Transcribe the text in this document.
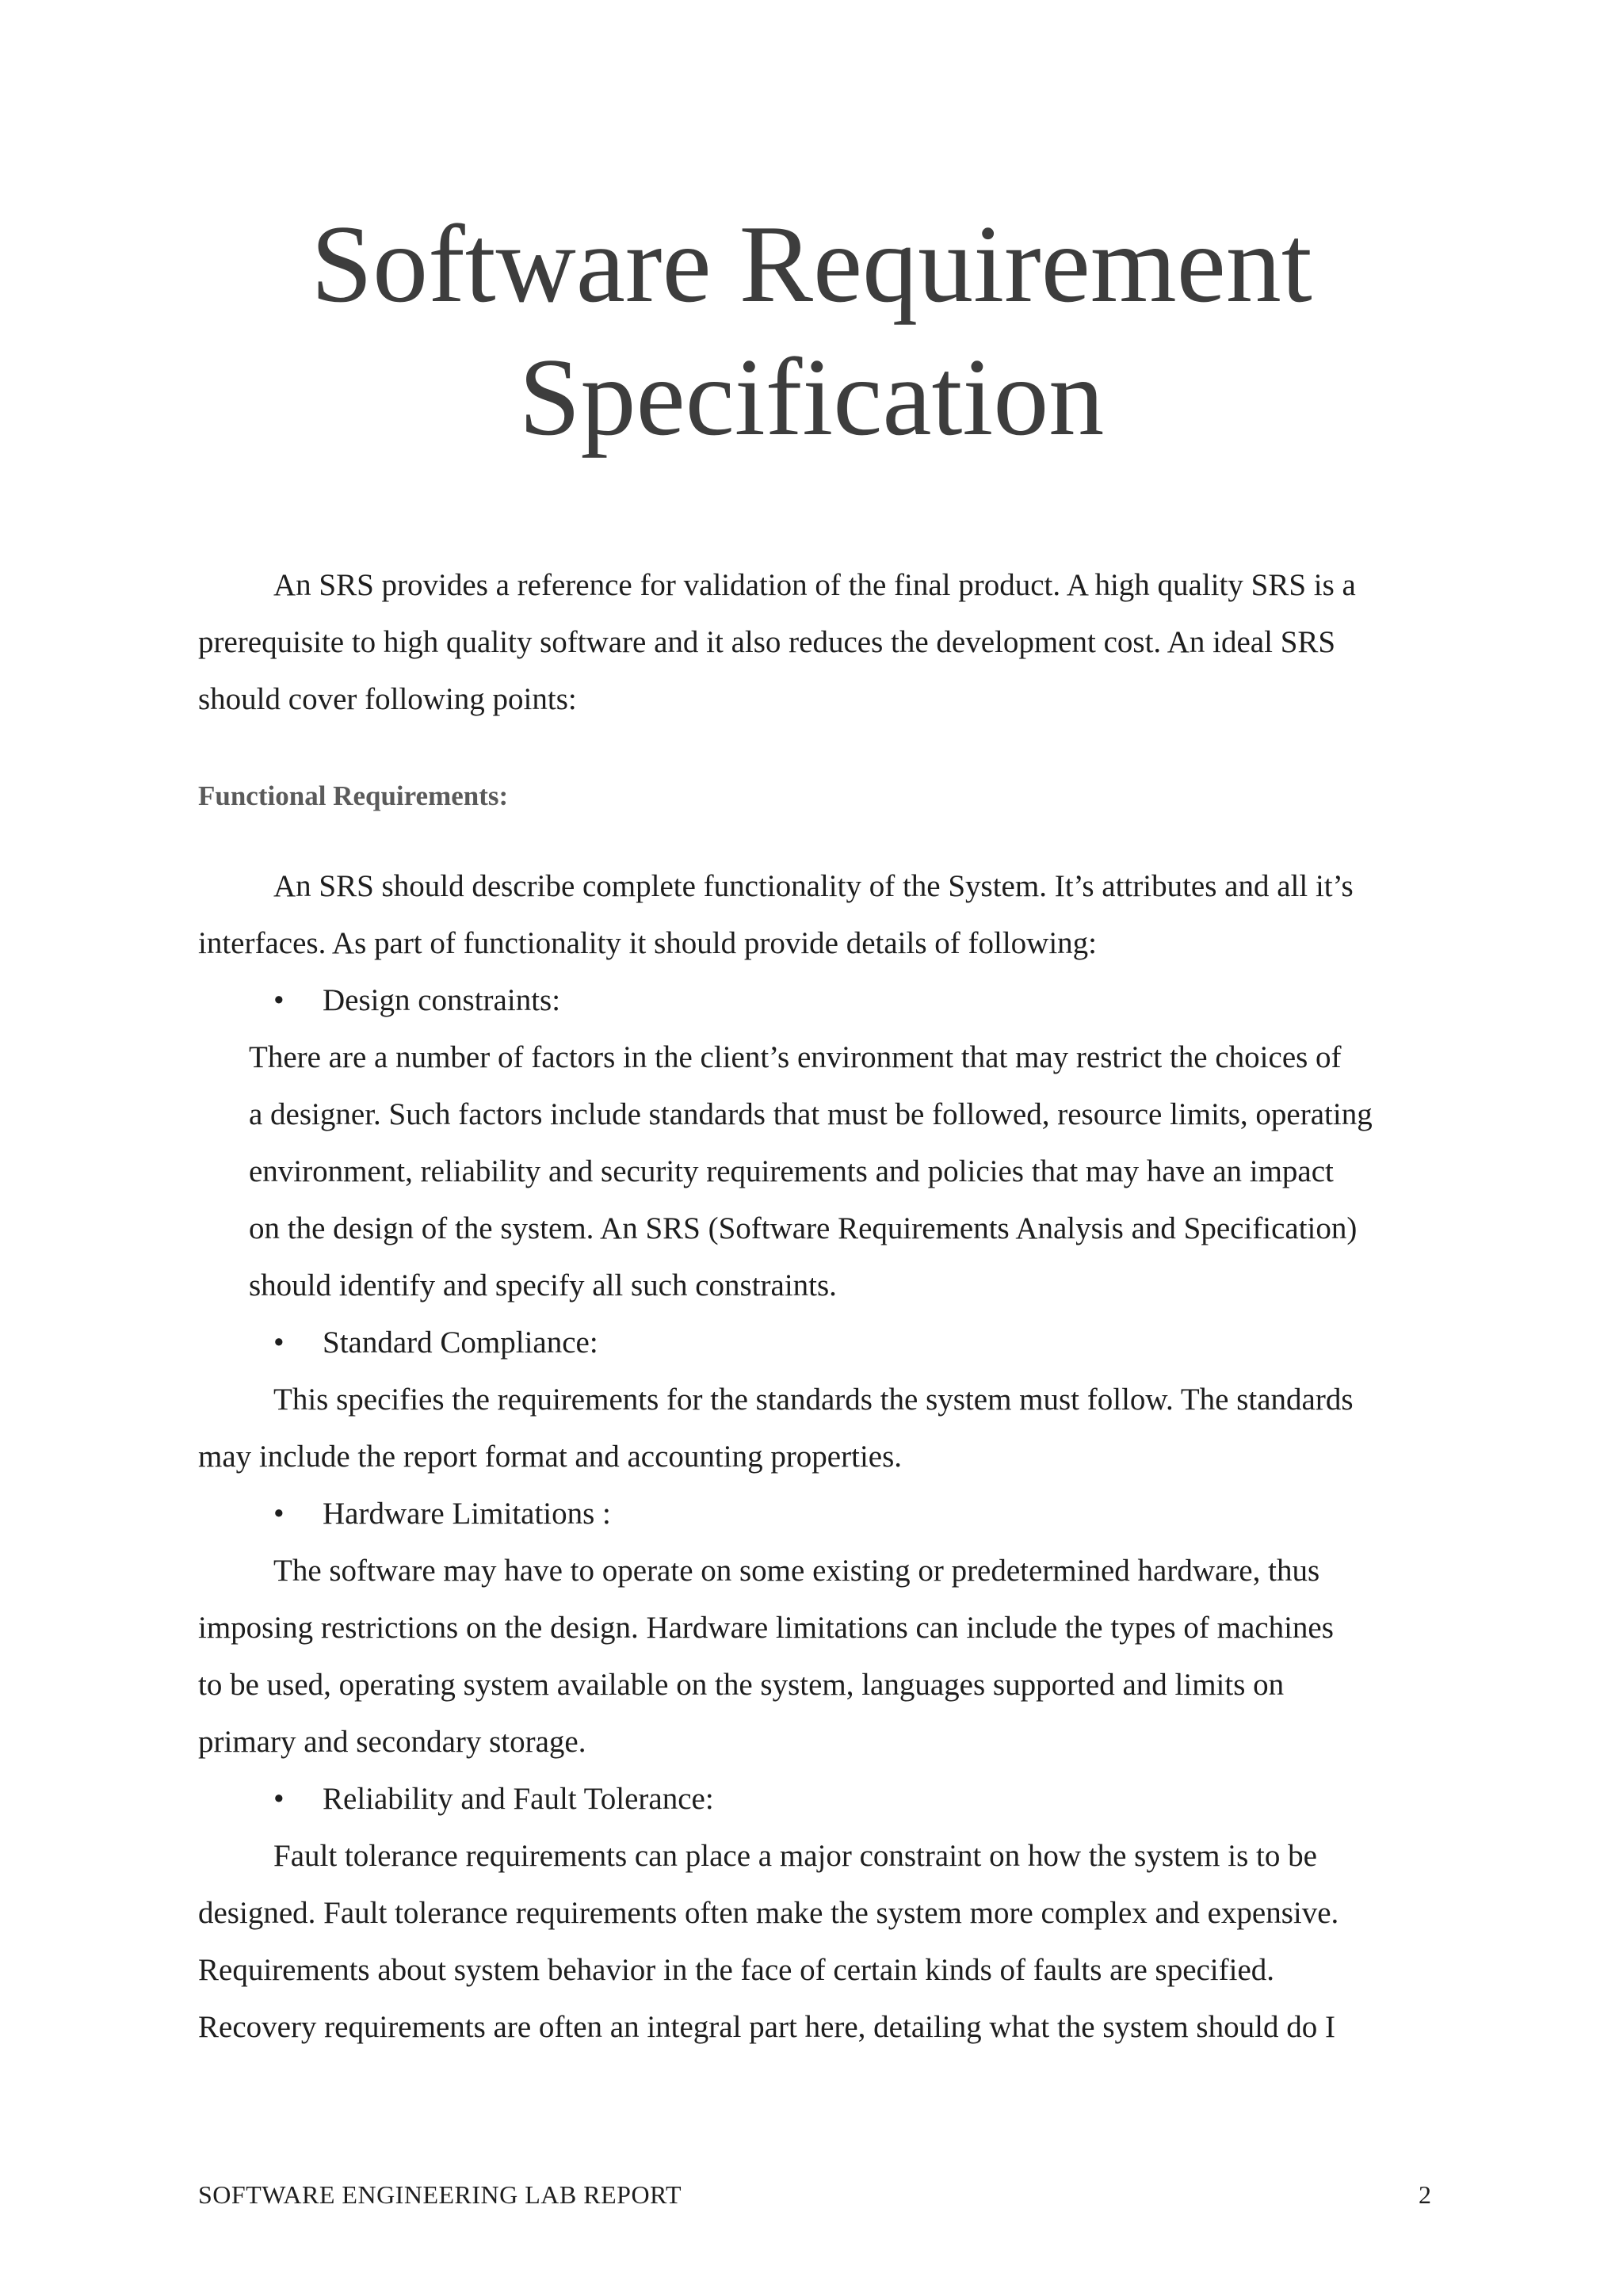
Software Requirement
Specification
An SRS provides a reference for validation of the final product. A high quality SRS is a
prerequisite to high quality software and it also reduces the development cost. An ideal SRS
should cover following points:
Functional Requirements:
An SRS should describe complete functionality of the System. It’s attributes and all it’s
interfaces. As part of functionality it should provide details of following:
• Design constraints:
There are a number of factors in the client’s environment that may restrict the choices of
a designer. Such factors include standards that must be followed, resource limits, operating
environment, reliability and security requirements and policies that may have an impact
on the design of the system. An SRS (Software Requirements Analysis and Specification)
should identify and specify all such constraints.
• Standard Compliance:
This specifies the requirements for the standards the system must follow. The standards
may include the report format and accounting properties.
• Hardware Limitations :
The software may have to operate on some existing or predetermined hardware, thus
imposing restrictions on the design. Hardware limitations can include the types of machines
to be used, operating system available on the system, languages supported and limits on
primary and secondary storage.
• Reliability and Fault Tolerance:
Fault tolerance requirements can place a major constraint on how the system is to be
designed. Fault tolerance requirements often make the system more complex and expensive.
Requirements about system behavior in the face of certain kinds of faults are specified.
Recovery requirements are often an integral part here, detailing what the system should do I
SOFTWARE ENGINEERING LAB REPORT	2
